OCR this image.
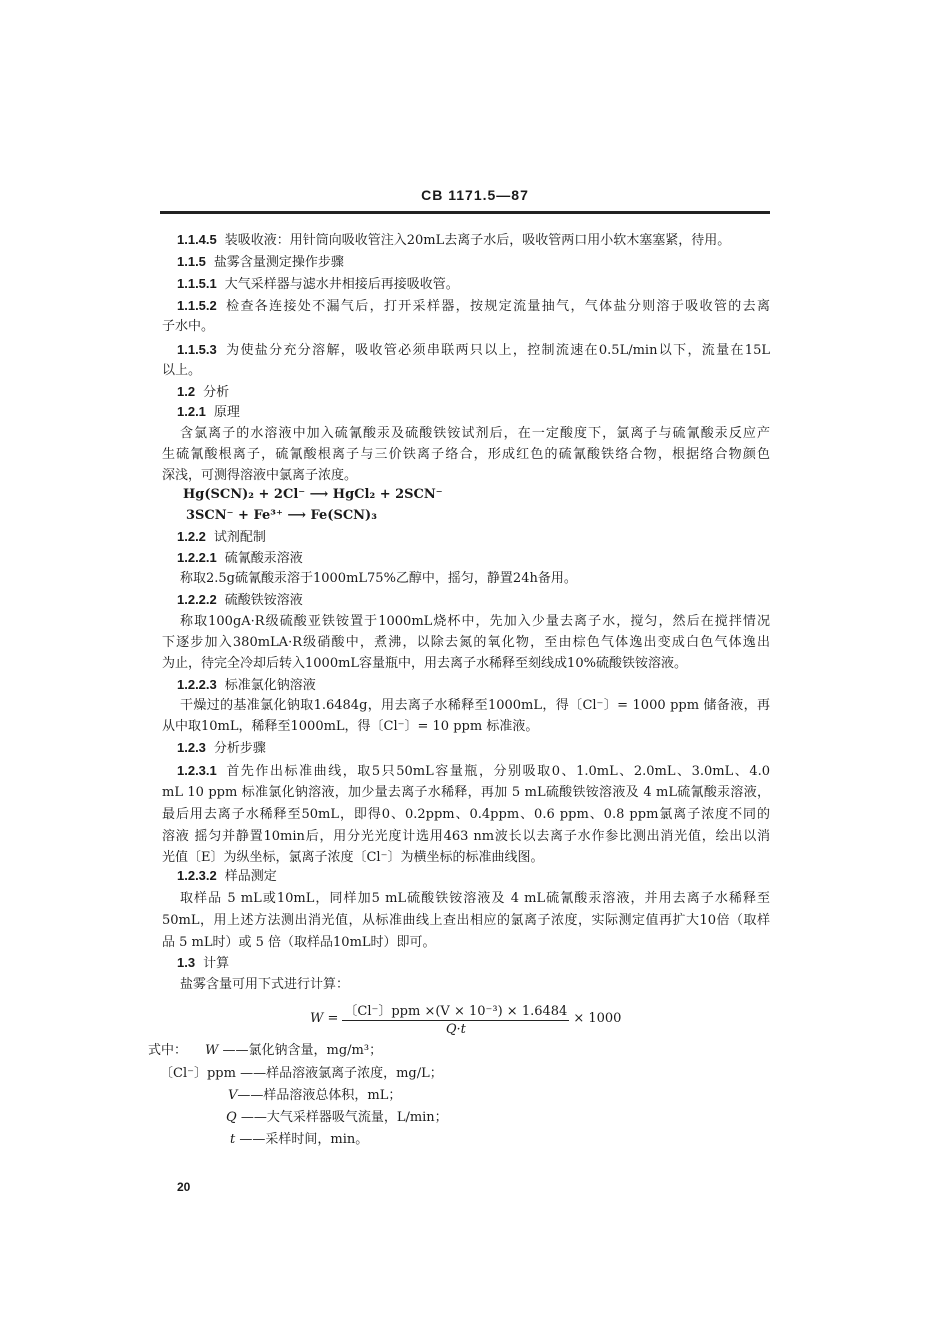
CB 1171.5—87
1.1.4.5 装吸收液：用针筒向吸收管注入20mL去离子水后，吸收管两口用小软木塞塞紧，待用。
1.1.5 盐雾含量测定操作步骤
1.1.5.1 大气采样器与滤水井相接后再接吸收管。
1.1.5.2 检查各连接处不漏气后，打开采样器，按规定流量抽气，气体盐分则溶于吸收管的去离
子水中。
1.1.5.3 为使盐分充分溶解，吸收管必须串联两只以上，控制流速在0.5L/min以下，流量在15L
以上。
1.2 分析
1.2.1 原理
含氯离子的水溶液中加入硫氰酸汞及硫酸铁铵试剂后，在一定酸度下，氯离子与硫氰酸汞反应产
生硫氰酸根离子，硫氰酸根离子与三价铁离子络合，形成红色的硫氰酸铁络合物，根据络合物颜色
深浅，可测得溶液中氯离子浓度。
Hg(SCN)₂ + 2Cl⁻ ⟶ HgCl₂ + 2SCN⁻
3SCN⁻ + Fe³⁺ ⟶ Fe(SCN)₃
1.2.2 试剂配制
1.2.2.1 硫氰酸汞溶液
称取2.5g硫氰酸汞溶于1000mL75%乙醇中，摇匀，静置24h备用。
1.2.2.2 硫酸铁铵溶液
称取100gA·R级硫酸亚铁铵置于1000mL烧杯中，先加入少量去离子水，搅匀，然后在搅拌情况
下逐步加入380mLA·R级硝酸中，煮沸，以除去氮的氧化物，至由棕色气体逸出变成白色气体逸出
为止，待完全冷却后转入1000mL容量瓶中，用去离子水稀释至刻线成10%硫酸铁铵溶液。
1.2.2.3 标准氯化钠溶液
干燥过的基准氯化钠取1.6484g，用去离子水稀释至1000mL，得〔Cl⁻〕= 1000 ppm 储备液，再
从中取10mL，稀释至1000mL，得〔Cl⁻〕= 10 ppm 标准液。
1.2.3 分析步骤
1.2.3.1 首先作出标准曲线，取5只50mL容量瓶，分别吸取0、1.0mL、2.0mL、3.0mL、4.0
mL 10 ppm 标准氯化钠溶液，加少量去离子水稀释，再加 5 mL硫酸铁铵溶液及 4 mL硫氰酸汞溶液，
最后用去离子水稀释至50mL，即得0、0.2ppm、0.4ppm、0.6 ppm、0.8 ppm氯离子浓度不同的
溶液 摇匀并静置10min后，用分光光度计选用463 nm波长以去离子水作参比测出消光值，绘出以消
光值〔E〕为纵坐标，氯离子浓度〔Cl⁻〕为横坐标的标准曲线图。
1.2.3.2 样品测定
取样品 5 mL或10mL，同样加5 mL硫酸铁铵溶液及 4 mL硫氰酸汞溶液，并用去离子水稀释至
50mL，用上述方法测出消光值，从标准曲线上查出相应的氯离子浓度，实际测定值再扩大10倍（取样
品 5 mL时）或 5 倍（取样品10mL时）即可。
1.3 计算
盐雾含量可用下式进行计算：
$W = \frac{\text{〔Cl⁻〕ppm ×(V × 10⁻³) × 1.6484}}{Q\cdot t} \times 1000$
式中： W ——氯化钠含量，mg/m³；
〔Cl⁻〕ppm ——样品溶液氯离子浓度，mg/L；
V——样品溶液总体积，mL；
Q ——大气采样器吸气流量，L/min；
t ——采样时间，min。
20
